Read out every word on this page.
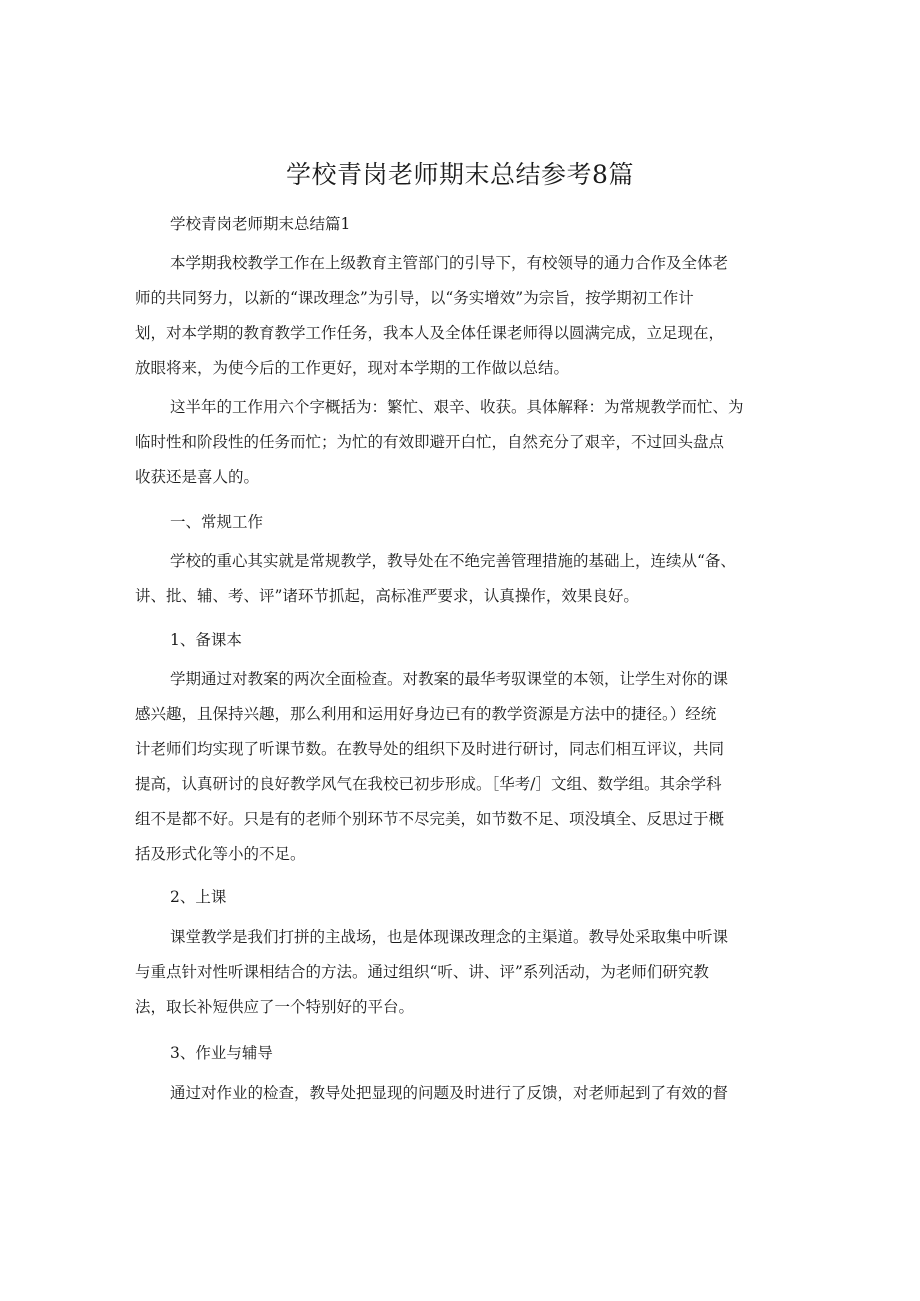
学校青岗老师期末总结参考8篇
学校青岗老师期末总结篇1
本学期我校教学工作在上级教育主管部门的引导下，有校领导的通力合作及全体老
师的共同努力，以新的“课改理念”为引导，以“务实增效”为宗旨，按学期初工作计
划，对本学期的教育教学工作任务，我本人及全体任课老师得以圆满完成，立足现在，
放眼将来，为使今后的工作更好，现对本学期的工作做以总结。
这半年的工作用六个字概括为：繁忙、艰辛、收获。具体解释：为常规教学而忙、为
临时性和阶段性的任务而忙；为忙的有效即避开白忙，自然充分了艰辛，不过回头盘点
收获还是喜人的。
一、常规工作
学校的重心其实就是常规教学，教导处在不绝完善管理措施的基础上，连续从“备、
讲、批、辅、考、评”诸环节抓起，高标准严要求，认真操作，效果良好。
1、备课本
学期通过对教案的两次全面检查。对教案的最华考驭课堂的本领，让学生对你的课
感兴趣，且保持兴趣，那么利用和运用好身边已有的教学资源是方法中的捷径。）经统
计老师们均实现了听课节数。在教导处的组织下及时进行研讨，同志们相互评议，共同
提高，认真研讨的良好教学风气在我校已初步形成。［华考/］文组、数学组。其余学科
组不是都不好。只是有的老师个别环节不尽完美，如节数不足、项没填全、反思过于概
括及形式化等小的不足。
2、上课
课堂教学是我们打拼的主战场，也是体现课改理念的主渠道。教导处采取集中听课
与重点针对性听课相结合的方法。通过组织“听、讲、评”系列活动，为老师们研究教
法，取长补短供应了一个特别好的平台。
3、作业与辅导
通过对作业的检查，教导处把显现的问题及时进行了反馈，对老师起到了有效的督
